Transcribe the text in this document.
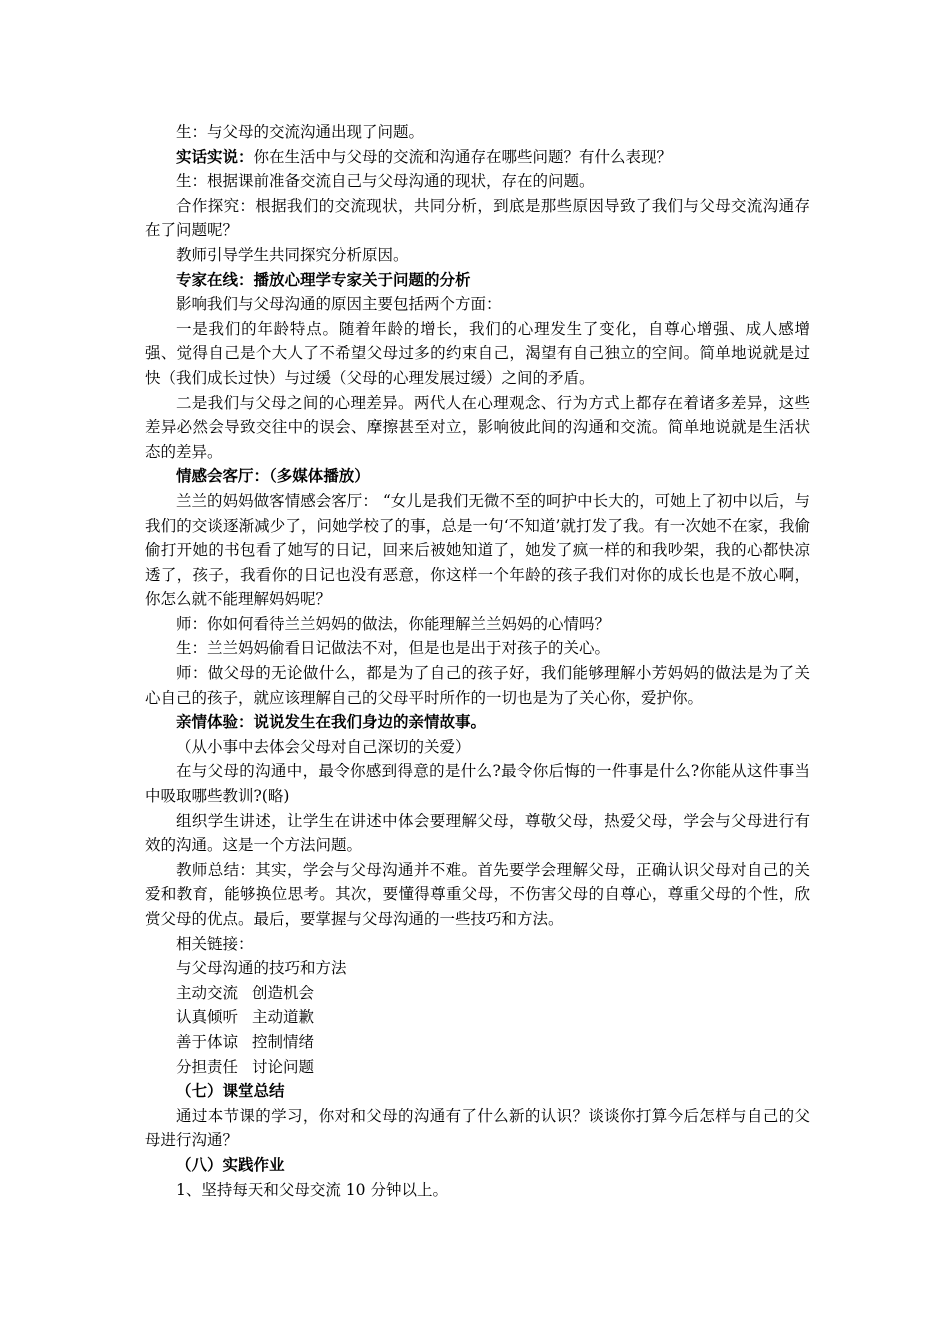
生：与父母的交流沟通出现了问题。

实话实说：你在生活中与父母的交流和沟通存在哪些问题？有什么表现？

生：根据课前准备交流自己与父母沟通的现状，存在的问题。

合作探究：根据我们的交流现状，共同分析，到底是那些原因导致了我们与父母交流沟通存在了问题呢？

教师引导学生共同探究分析原因。

专家在线：播放心理学专家关于问题的分析

影响我们与父母沟通的原因主要包括两个方面：

一是我们的年龄特点。随着年龄的增长，我们的心理发生了变化，自尊心增强、成人感增强、觉得自己是个大人了不希望父母过多的约束自己，渴望有自己独立的空间。简单地说就是过快（我们成长过快）与过缓（父母的心理发展过缓）之间的矛盾。

二是我们与父母之间的心理差异。两代人在心理观念、行为方式上都存在着诸多差异，这些差异必然会导致交往中的误会、摩擦甚至对立，影响彼此间的沟通和交流。简单地说就是生活状态的差异。

情感会客厅：（多媒体播放）

兰兰的妈妈做客情感会客厅： “女儿是我们无微不至的呵护中长大的，可她上了初中以后，与我们的交谈逐渐减少了，问她学校了的事，总是一句‘不知道’就打发了我。有一次她不在家，我偷偷打开她的书包看了她写的日记，回来后被她知道了，她发了疯一样的和我吵架，我的心都快凉透了，孩子，我看你的日记也没有恶意，你这样一个年龄的孩子我们对你的成长也是不放心啊，你怎么就不能理解妈妈呢？

师：你如何看待兰兰妈妈的做法，你能理解兰兰妈妈的心情吗？

生：兰兰妈妈偷看日记做法不对，但是也是出于对孩子的关心。

师：做父母的无论做什么，都是为了自己的孩子好，我们能够理解小芳妈妈的做法是为了关心自己的孩子，就应该理解自己的父母平时所作的一切也是为了关心你，爱护你。

亲情体验：说说发生在我们身边的亲情故事。

（从小事中去体会父母对自己深切的关爱）

在与父母的沟通中，最令你感到得意的是什么?最令你后悔的一件事是什么?你能从这件事当中吸取哪些教训?(略)

组织学生讲述，让学生在讲述中体会要理解父母，尊敬父母，热爱父母，学会与父母进行有效的沟通。这是一个方法问题。

教师总结：其实，学会与父母沟通并不难。首先要学会理解父母，正确认识父母对自己的关爱和教育，能够换位思考。其次，要懂得尊重父母，不伤害父母的自尊心，尊重父母的个性，欣赏父母的优点。最后，要掌握与父母沟通的一些技巧和方法。

相关链接：

与父母沟通的技巧和方法

主动交流 创造机会

认真倾听 主动道歉

善于体谅 控制情绪

分担责任 讨论问题

（七）课堂总结

通过本节课的学习，你对和父母的沟通有了什么新的认识？谈谈你打算今后怎样与自己的父母进行沟通？

（八）实践作业

1、坚持每天和父母交流 10 分钟以上。
